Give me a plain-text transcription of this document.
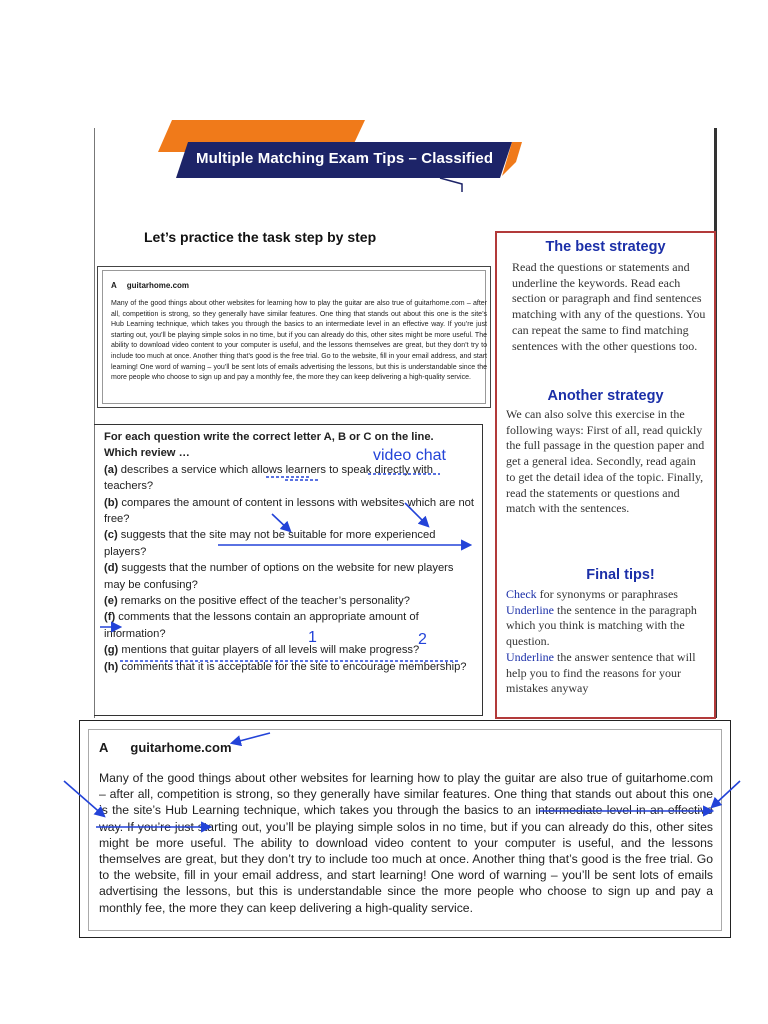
Multiple Matching Exam Tips – Classified
Let’s practice the task step by step
A guitarhome.com
Many of the good things about other websites for learning how to play the guitar are also true of guitarhome.com – after all, competition is strong, so they generally have similar features. One thing that stands out about this one is the site’s Hub Learning technique, which takes you through the basics to an intermediate level in an effective way. If you’re just starting out, you’ll be playing simple solos in no time, but if you can already do this, other sites might be more useful. The ability to download video content to your computer is useful, and the lessons themselves are great, but they don’t try to include too much at once. Another thing that’s good is the free trial. Go to the website, fill in your email address, and start learning! One word of warning – you’ll be sent lots of emails advertising the lessons, but this is understandable since the more people who choose to sign up and pay a monthly fee, the more they can keep delivering a high-quality service.
For each question write the correct letter A, B or C on the line.
Which review …
(a) describes a service which allows learners to speak directly with teachers?
(b) compares the amount of content in lessons with websites which are not free?
(c) suggests that the site may not be suitable for more experienced players?
(d) suggests that the number of options on the website for new players may be confusing?
(e) remarks on the positive effect of the teacher’s personality?
(f) comments that the lessons contain an appropriate amount of information?
(g) mentions that guitar players of all levels will make progress?
(h) comments that it is acceptable for the site to encourage membership?
video chat
1	2
The best strategy
Read the questions or statements and underline the keywords. Read each section or paragraph and find sentences matching with any of the questions. You can repeat the same to find matching sentences with the other questions too.
Another strategy
We can also solve this exercise in the following ways: First of all, read quickly the full passage in the question paper and get a general idea. Secondly, read again to get the detail idea of the topic. Finally, read the statements or questions and match with the sentences.
Final tips!
Check for synonyms or paraphrases
Underline the sentence in the paragraph which you think is matching with the question.
Underline the answer sentence that will help you to find the reasons for your mistakes anyway
A guitarhome.com
Many of the good things about other websites for learning how to play the guitar are also true of guitarhome.com – after all, competition is strong, so they generally have similar features. One thing that stands out about this one is the site’s Hub Learning technique, which takes you through the basics to an intermediate level in an effective way. If you’re just starting out, you’ll be playing simple solos in no time, but if you can already do this, other sites might be more useful. The ability to download video content to your computer is useful, and the lessons themselves are great, but they don’t try to include too much at once. Another thing that’s good is the free trial. Go to the website, fill in your email address, and start learning! One word of warning – you’ll be sent lots of emails advertising the lessons, but this is understandable since the more people who choose to sign up and pay a monthly fee, the more they can keep delivering a high-quality service.
